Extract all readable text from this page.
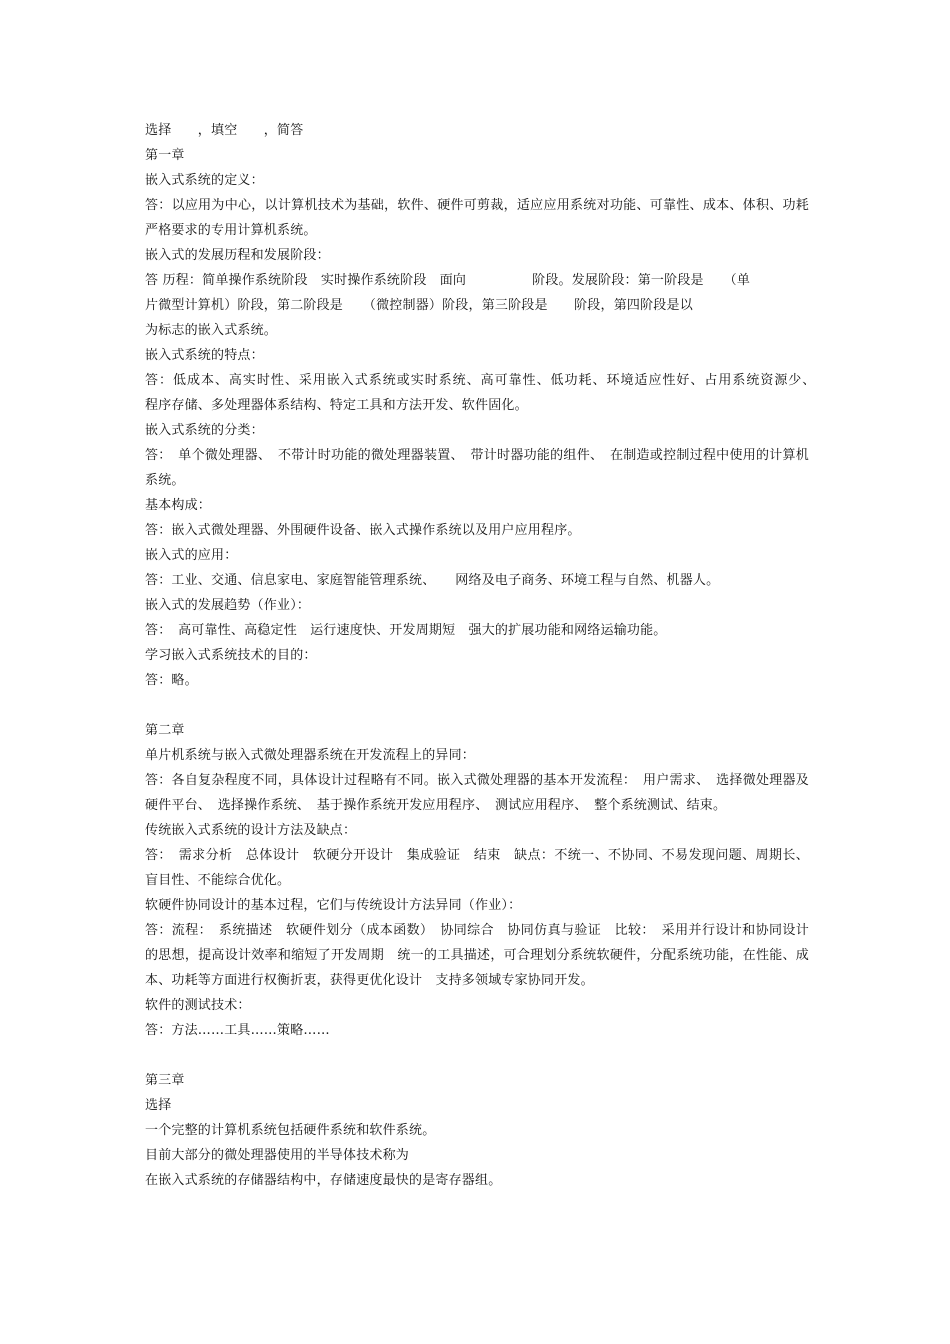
选择　　，填空　　，简答
第一章
嵌入式系统的定义：
答：以应用为中心，以计算机技术为基础，软件、硬件可剪裁，适应应用系统对功能、可靠性、成本、体积、功耗严格要求的专用计算机系统。
嵌入式的发展历程和发展阶段：
答 历程：简单操作系统阶段　实时操作系统阶段　面向　　　　　阶段。发展阶段：第一阶段是　　（单
片微型计算机）阶段，第二阶段是　　（微控制器）阶段，第三阶段是　　阶段，第四阶段是以
为标志的嵌入式系统。
嵌入式系统的特点：
答：低成本、高实时性、采用嵌入式系统或实时系统、高可靠性、低功耗、环境适应性好、占用系统资源少、　　程序存储、多处理器体系结构、特定工具和方法开发、软件固化。
嵌入式系统的分类：
答：　单个微处理器、　不带计时功能的微处理器装置、　带计时器功能的组件、　在制造或控制过程中使用的计算机系统。
基本构成：
答：嵌入式微处理器、外围硬件设备、嵌入式操作系统以及用户应用程序。
嵌入式的应用：
答：工业、交通、信息家电、家庭智能管理系统、　　网络及电子商务、环境工程与自然、机器人。
嵌入式的发展趋势（作业）：
答：　高可靠性、高稳定性　运行速度快、开发周期短　强大的扩展功能和网络运输功能。
学习嵌入式系统技术的目的：
答：略。
第二章
单片机系统与嵌入式微处理器系统在开发流程上的异同：
答：各自复杂程度不同，具体设计过程略有不同。嵌入式微处理器的基本开发流程：　用户需求、　选择微处理器及硬件平台、　选择操作系统、　基于操作系统开发应用程序、　测试应用程序、　整个系统测试、结束。
传统嵌入式系统的设计方法及缺点：
答：　需求分析　总体设计　软硬分开设计　集成验证　结束　缺点：不统一、不协同、不易发现问题、周期长、盲目性、不能综合优化。
软硬件协同设计的基本过程，它们与传统设计方法异同（作业）：
答：流程：　系统描述　软硬件划分（成本函数）　协同综合　协同仿真与验证　比较：　采用并行设计和协同设计的思想，提高设计效率和缩短了开发周期　统一的工具描述，可合理划分系统软硬件，分配系统功能，在性能、成本、功耗等方面进行权衡折衷，获得更优化设计　支持多领域专家协同开发。
软件的测试技术：
答：方法……工具……策略……
第三章
选择
一个完整的计算机系统包括硬件系统和软件系统。
目前大部分的微处理器使用的半导体技术称为
在嵌入式系统的存储器结构中，存储速度最快的是寄存器组。
